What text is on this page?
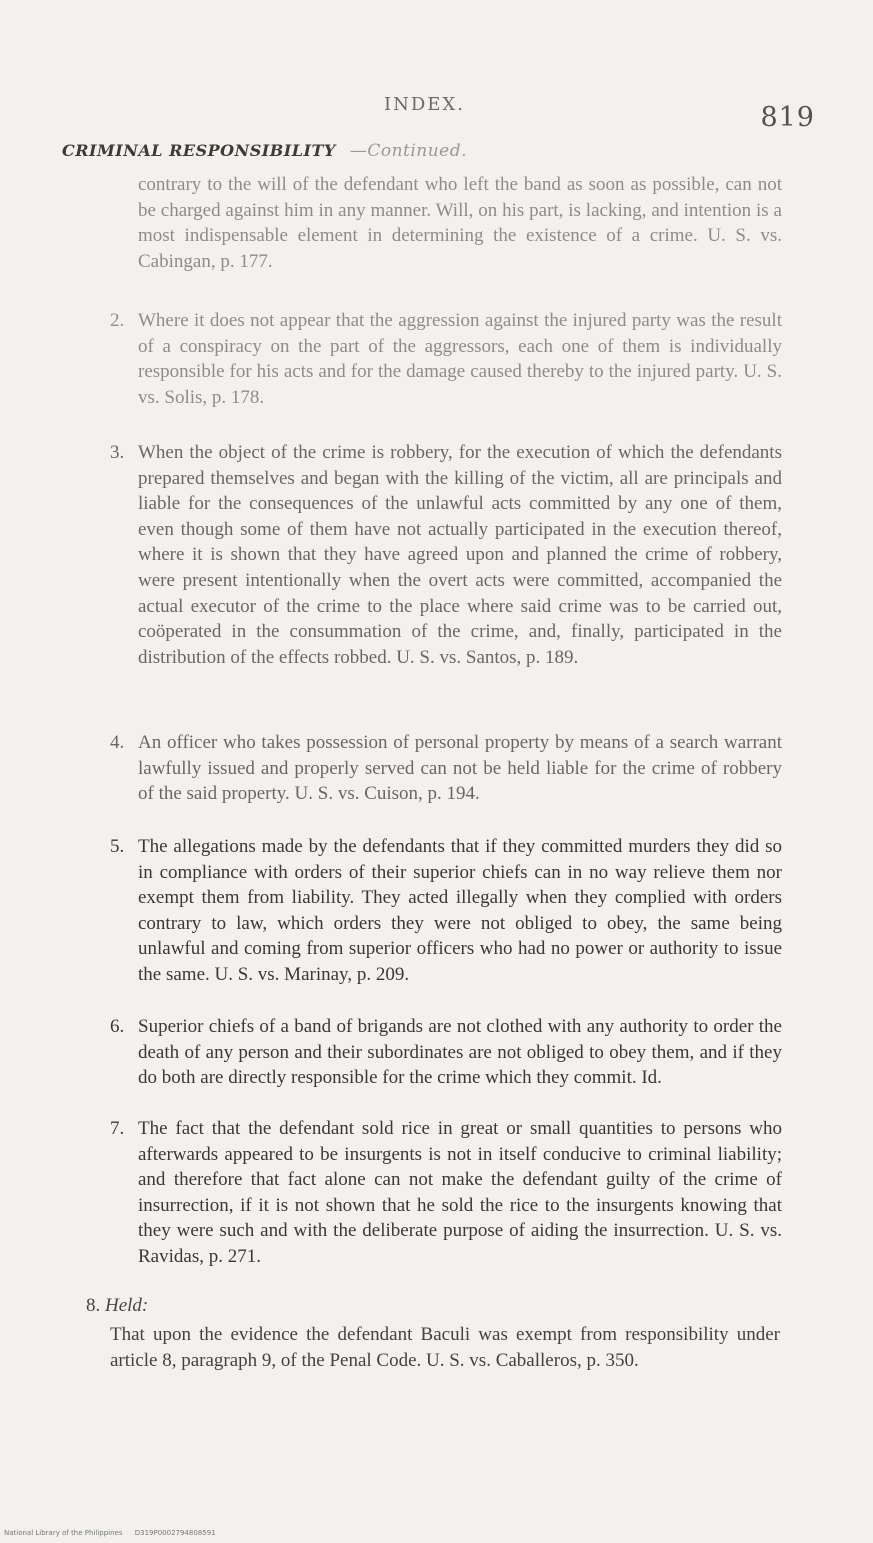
INDEX.	819
CRIMINAL RESPONSIBILITY —Continued.
contrary to the will of the defendant who left the band as soon as possible, can not be charged against him in any manner. Will, on his part, is lacking, and intention is a most indispensable element in determining the existence of a crime. U. S. vs. Cabingan, p. 177.
2. Where it does not appear that the aggression against the injured party was the result of a conspiracy on the part of the aggressors, each one of them is individually responsible for his acts and for the damage caused thereby to the injured party. U. S. vs. Solis, p. 178.
3. When the object of the crime is robbery, for the execution of which the defendants prepared themselves and began with the killing of the victim, all are principals and liable for the consequences of the unlawful acts committed by any one of them, even though some of them have not actually participated in the execution thereof, where it is shown that they have agreed upon and planned the crime of robbery, were present intentionally when the overt acts were committed, accompanied the actual executor of the crime to the place where said crime was to be carried out, coöperated in the consummation of the crime, and, finally, participated in the distribution of the effects robbed. U. S. vs. Santos, p. 189.
4. An officer who takes possession of personal property by means of a search warrant lawfully issued and properly served can not be held liable for the crime of robbery of the said property. U. S. vs. Cuison, p. 194.
5. The allegations made by the defendants that if they committed murders they did so in compliance with orders of their superior chiefs can in no way relieve them nor exempt them from liability. They acted illegally when they complied with orders contrary to law, which orders they were not obliged to obey, the same being unlawful and coming from superior officers who had no power or authority to issue the same. U. S. vs. Marinay, p. 209.
6. Superior chiefs of a band of brigands are not clothed with any authority to order the death of any person and their subordinates are not obliged to obey them, and if they do both are directly responsible for the crime which they commit. Id.
7. The fact that the defendant sold rice in great or small quantities to persons who afterwards appeared to be insurgents is not in itself conducive to criminal liability; and therefore that fact alone can not make the defendant guilty of the crime of insurrection, if it is not shown that he sold the rice to the insurgents knowing that they were such and with the deliberate purpose of aiding the insurrection. U. S. vs. Ravidas, p. 271.
8. Held:
That upon the evidence the defendant Baculi was exempt from responsibility under article 8, paragraph 9, of the Penal Code. U. S. vs. Caballeros, p. 350.
National Library of the Philippines D319P0002794808591
